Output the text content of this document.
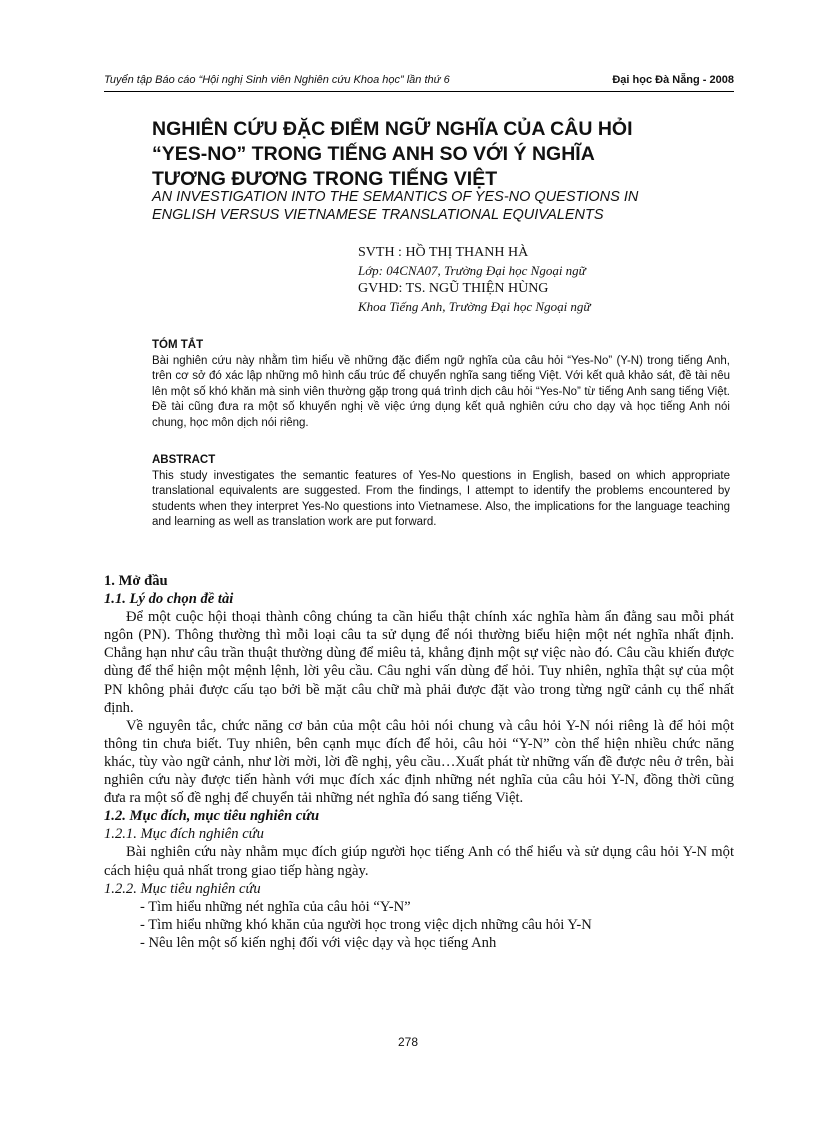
Tuyển tập Báo cáo “Hội nghị Sinh viên Nghiên cứu Khoa học” lần thứ 6	Đại học Đà Nẵng - 2008
NGHIÊN CỨU ĐẶC ĐIỂM NGỮ NGHĨA CỦA CÂU HỎI
“YES-NO” TRONG TIẾNG ANH SO VỚI Ý NGHĨA
TƯƠNG ĐƯƠNG TRONG TIẾNG VIỆT
AN INVESTIGATION INTO THE SEMANTICS OF YES-NO QUESTIONS IN
ENGLISH VERSUS VIETNAMESE TRANSLATIONAL EQUIVALENTS
SVTH : HỒ THỊ THANH HÀ
Lớp: 04CNA07, Trường Đại học Ngoại ngữ
GVHD: TS. NGŨ THIỆN HÙNG
Khoa Tiếng Anh, Trường Đại học Ngoại ngữ
TÓM TẮT
Bài nghiên cứu này nhằm tìm hiểu về những đặc điểm ngữ nghĩa của câu hỏi “Yes-No” (Y-N) trong tiếng Anh, trên cơ sở đó xác lập những mô hình cấu trúc để chuyển nghĩa sang tiếng Việt. Với kết quả khảo sát, đề tài nêu lên một số khó khăn mà sinh viên thường gặp trong quá trình dịch câu hỏi “Yes-No” từ tiếng Anh sang tiếng Việt. Đề tài cũng đưa ra một số khuyến nghị về việc ứng dụng kết quả nghiên cứu cho dạy và học tiếng Anh nói chung, học môn dịch nói riêng.
ABSTRACT
This study investigates the semantic features of Yes-No questions in English, based on which appropriate translational equivalents are suggested. From the findings, I attempt to identify the problems encountered by students when they interpret Yes-No questions into Vietnamese. Also, the implications for the language teaching and learning as well as translation work are put forward.
1. Mở đầu
1.1. Lý do chọn đề tài
Để một cuộc hội thoại thành công chúng ta cần hiểu thật chính xác nghĩa hàm ẩn đằng sau mỗi phát ngôn (PN). Thông thường thì mỗi loại câu ta sử dụng để nói thường biểu hiện một nét nghĩa nhất định. Chẳng hạn như câu trần thuật thường dùng để miêu tả, khẳng định một sự việc nào đó. Câu cầu khiến được dùng để thể hiện một mệnh lệnh, lời yêu cầu. Câu nghi vấn dùng để hỏi. Tuy nhiên, nghĩa thật sự của một PN không phải được cấu tạo bởi bề mặt câu chữ mà phải được đặt vào trong từng ngữ cảnh cụ thể nhất định.
Về nguyên tắc, chức năng cơ bản của một câu hỏi nói chung và câu hỏi Y-N nói riêng là để hỏi một thông tin chưa biết. Tuy nhiên, bên cạnh mục đích để hỏi, câu hỏi “Y-N” còn thể hiện nhiều chức năng khác, tùy vào ngữ cảnh, như lời mời, lời đề nghị, yêu cầu…Xuất phát từ những vấn đề được nêu ở trên, bài nghiên cứu này được tiến hành với mục đích xác định những nét nghĩa của câu hỏi Y-N, đồng thời cũng đưa ra một số đề nghị để chuyển tải những nét nghĩa đó sang tiếng Việt.
1.2. Mục đích, mục tiêu nghiên cứu
1.2.1. Mục đích nghiên cứu
Bài nghiên cứu này nhằm mục đích giúp người học tiếng Anh có thể hiểu và sử dụng câu hỏi Y-N một cách hiệu quả nhất trong giao tiếp hàng ngày.
1.2.2. Mục tiêu nghiên cứu
- Tìm hiểu những nét nghĩa của câu hỏi “Y-N”
- Tìm hiểu những khó khăn của người học trong việc dịch những câu hỏi Y-N
- Nêu lên một số kiến nghị đối với việc dạy và học tiếng Anh
278
